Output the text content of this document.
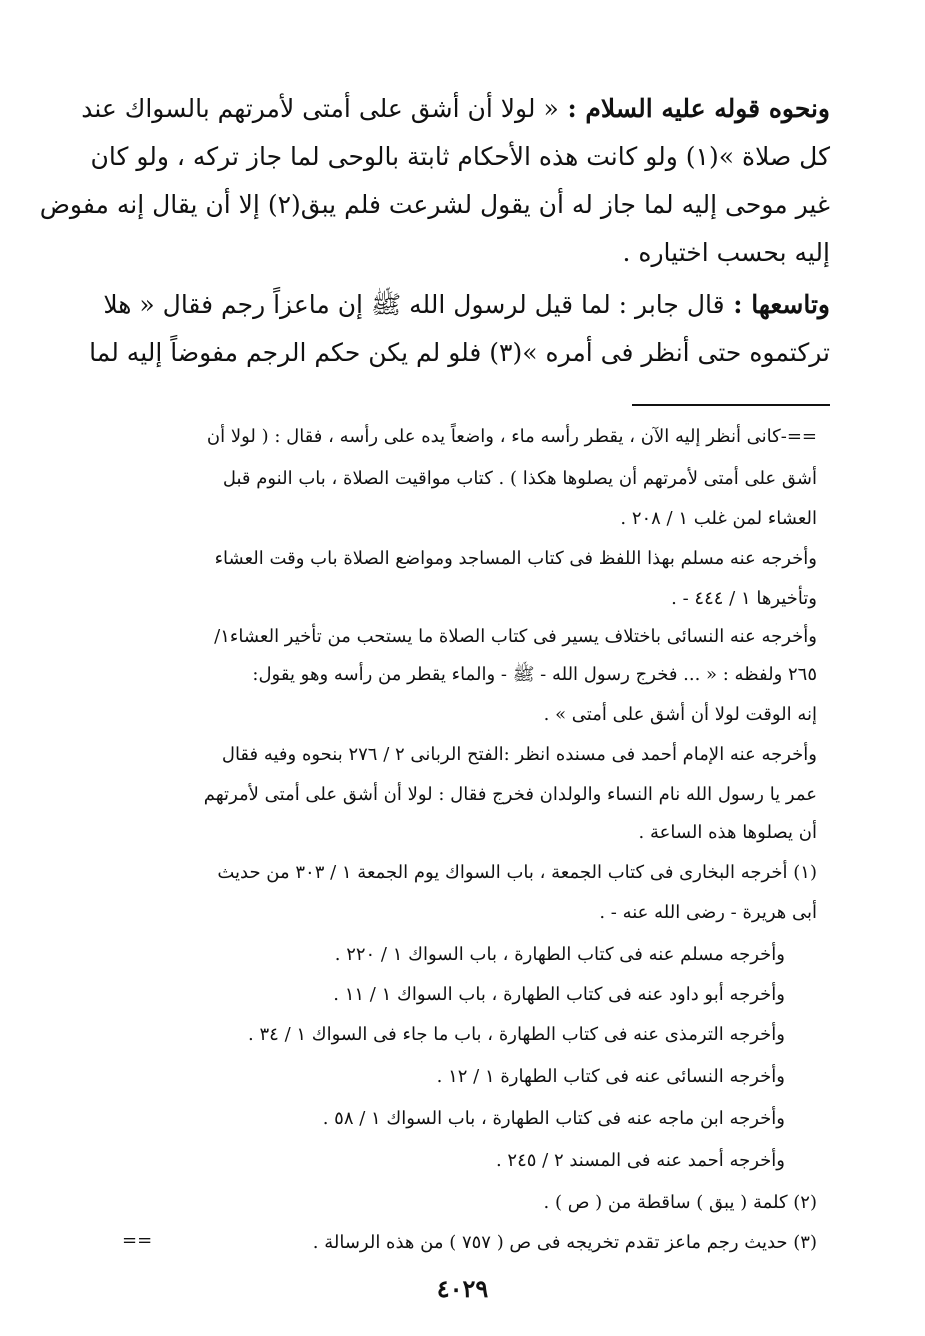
ونحوه قوله عليه السلام : « لولا أن أشق على أمتى لأمرتهم بالسواك عند
كل صلاة »(١) ولو كانت هذه الأحكام ثابتة بالوحى لما جاز تركه ، ولو كان
غير موحى إليه لما جاز له أن يقول لشرعت فلم يبق(٢) إلا أن يقال إنه مفوض
إليه بحسب اختياره .
وتاسعها : قال جابر : لما قيل لرسول الله ﷺ إن ماعزاً رجم فقال « هلا
تركتموه حتى أنظر فى أمره »(٣) فلو لم يكن حكم الرجم مفوضاً إليه لما
==-كانى أنظر إليه الآن ، يقطر رأسه ماء ، واضعاً يده على رأسه ، فقال : ( لولا أن
أشق على أمتى لأمرتهم أن يصلوها هكذا ) . كتاب مواقيت الصلاة ، باب النوم قبل
العشاء لمن غلب ١ / ٢٠٨ .
وأخرجه عنه مسلم بهذا اللفظ فى كتاب المساجد ومواضع الصلاة باب وقت العشاء
وتأخيرها ١ / ٤٤٤ - .
وأخرجه عنه النسائى باختلاف يسير فى كتاب الصلاة ما يستحب من تأخير العشاء١/
٢٦٥ ولفظه : « ... فخرج رسول الله - ﷺ - والماء يقطر من رأسه وهو يقول:
إنه الوقت لولا أن أشق على أمتى » .
وأخرجه عنه الإمام أحمد فى مسنده انظر :الفتح الربانى ٢ / ٢٧٦ بنحوه وفيه فقال
عمر يا رسول الله نام النساء والولدان فخرج فقال : لولا أن أشق على أمتى لأمرتهم
أن يصلوها هذه الساعة .
(١) أخرجه البخارى فى كتاب الجمعة ، باب السواك يوم الجمعة ١ / ٣٠٣ من حديث
أبى هريرة - رضى الله عنه - .
وأخرجه مسلم عنه فى كتاب الطهارة ، باب السواك ١ / ٢٢٠ .
وأخرجه أبو داود عنه فى كتاب الطهارة ، باب السواك ١ / ١١ .
وأخرجه الترمذى عنه فى كتاب الطهارة ، باب ما جاء فى السواك ١ / ٣٤ .
وأخرجه النسائى عنه فى كتاب الطهارة ١ / ١٢ .
وأخرجه ابن ماجه عنه فى كتاب الطهارة ، باب السواك ١ / ٥٨ .
وأخرجه أحمد عنه فى المسند ٢ / ٢٤٥ .
(٢) كلمة ( يبق ) ساقطة من ( ص ) .
(٣) حديث رجم ماعز تقدم تخريجه فى ص ( ٧٥٧ ) من هذه الرسالة .
==
٤٠٢٩
